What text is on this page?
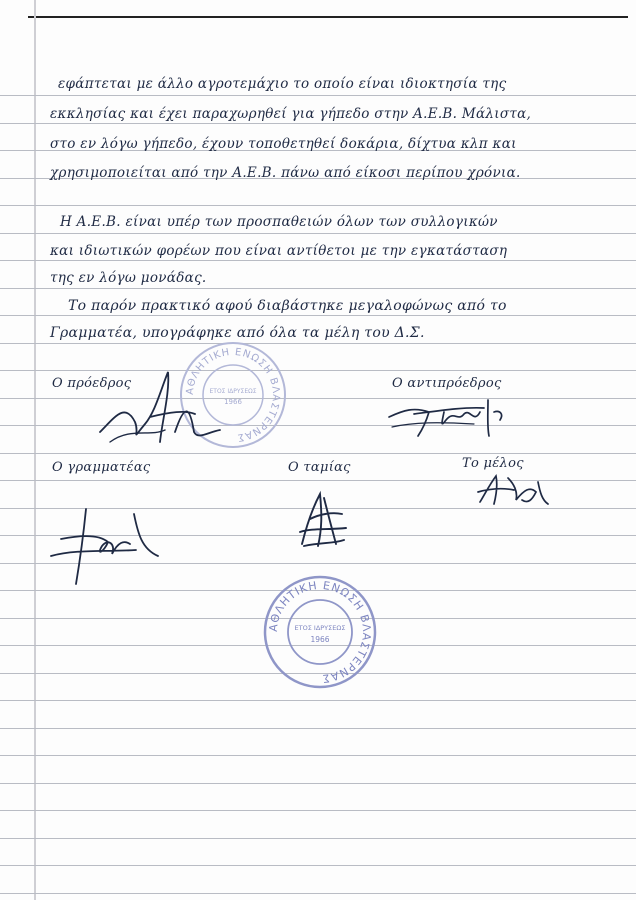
εφάπτεται με άλλο αγροτεμάχιο το οποίο είναι ιδιοκτησία της
εκκλησίας και έχει παραχωρηθεί για γήπεδο στην Α.Ε.Β. Μάλιστα,
στο εν λόγω γήπεδο, έχουν τοποθετηθεί δοκάρια, δίχτυα κλπ και
χρησιμοποιείται από την Α.Ε.Β. πάνω από είκοσι περίπου χρόνια.
Η Α.Ε.Β. είναι υπέρ των προσπαθειών όλων των συλλογικών
και ιδιωτικών φορέων που είναι αντίθετοι με την εγκατάσταση
της εν λόγω μονάδας.
Το παρόν πρακτικό αφού διαβάστηκε μεγαλοφώνως από το
Γραμματέα, υπογράφηκε από όλα τα μέλη του Δ.Σ.
Ο πρόεδρος	Ο αντιπρόεδρος
Ο γραμματέας	Ο ταμίας	Το μέλος
ΑΘΛΗΤΙΚΗ ΕΝΩΣΗ ΒΛΑΣΤΕΡΝΑΣ
ΕΤΟΣ ΙΔΡΥΣΕΩΣ
1966
ΑΘΛΗΤΙΚΗ ΕΝΩΣΗ ΒΛΑΣΤΕΡΝΑΣ
ΕΤΟΣ ΙΔΡΥΣΕΩΣ
1966
